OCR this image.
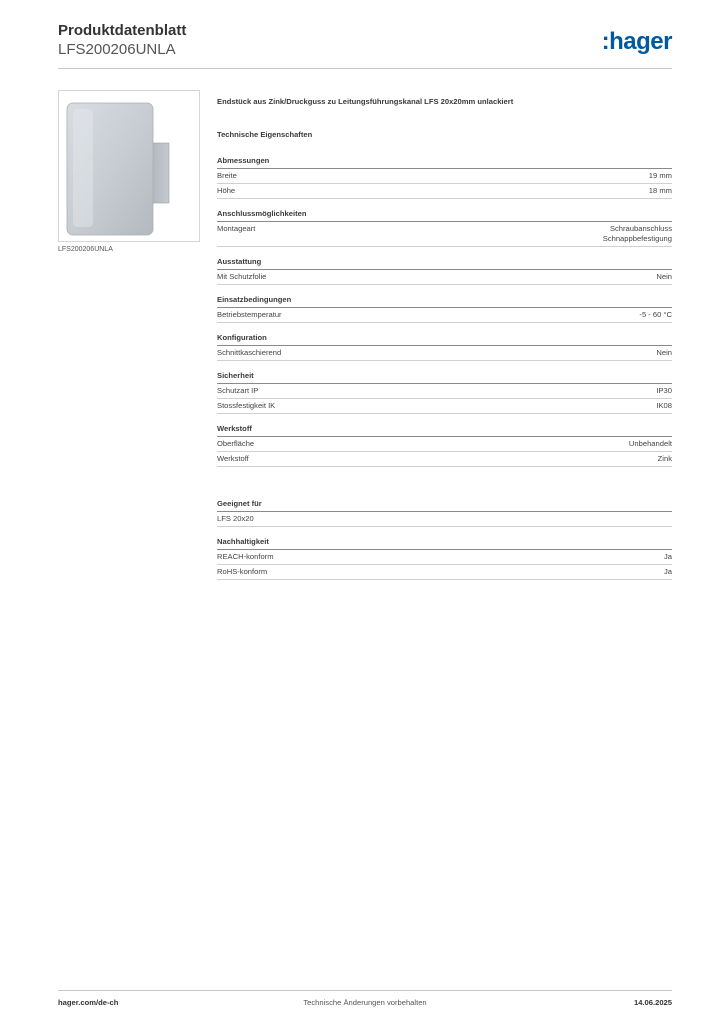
Produktdatenblatt
LFS200206UNLA	:hager
LFS200206UNLA
Endstück aus Zink/Druckguss zu Leitungsführungskanal LFS 20x20mm unlackiert
Technische Eigenschaften
Abmessungen
Breite	19 mm
Höhe	18 mm
Anschlussmöglichkeiten
Montageart	Schraubanschluss
Schnappbefestigung
Ausstattung
Mit Schutzfolie	Nein
Einsatzbedingungen
Betriebstemperatur	-5 - 60 °C
Konfiguration
Schnittkaschierend	Nein
Sicherheit
Schutzart IP	IP30
Stossfestigkeit IK	IK08
Werkstoff
Oberfläche	Unbehandelt
Werkstoff	Zink
Geeignet für
LFS 20x20
Nachhaltigkeit
REACH-konform	Ja
RoHS-konform	Ja
hager.com/de-ch	Technische Änderungen vorbehalten	14.06.2025
